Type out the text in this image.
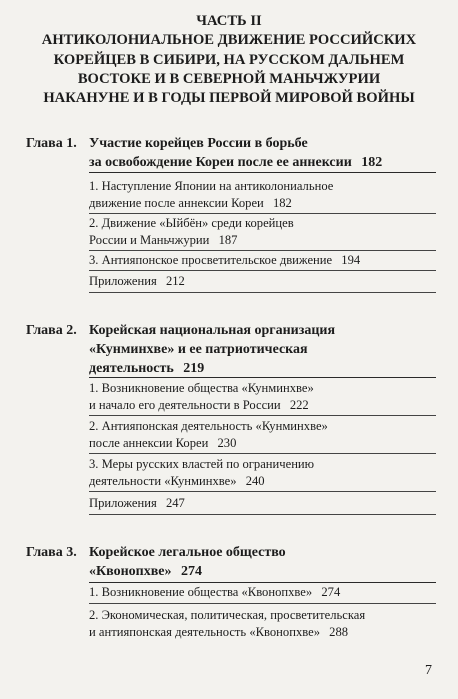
ЧАСТЬ II
АНТИКОЛОНИАЛЬНОЕ ДВИЖЕНИЕ РОССИЙСКИХ
КОРЕЙЦЕВ В СИБИРИ, НА РУССКОМ ДАЛЬНЕМ
ВОСТОКЕ И В СЕВЕРНОЙ МАНЬЧЖУРИИ
НАКАНУНЕ И В ГОДЫ ПЕРВОЙ МИРОВОЙ ВОЙНЫ
Глава 1. Участие корейцев России в борьбе
за освобождение Кореи после ее аннексии 182
1. Наступление Японии на антиколониальное
движение после аннексии Кореи 182
2. Движение «Ыйбён» среди корейцев
России и Маньчжурии 187
3. Антияпонское просветительское движение 194
Приложения 212
Глава 2. Корейская национальная организация
«Кунминхве» и ее патриотическая
деятельность 219
1. Возникновение общества «Кунминхве»
и начало его деятельности в России 222
2. Антияпонская деятельность «Кунминхве»
после аннексии Кореи 230
3. Меры русских властей по ограничению
деятельности «Кунминхве» 240
Приложения 247
Глава 3. Корейское легальное общество
«Квонопхве» 274
1. Возникновение общества «Квонопхве» 274
2. Экономическая, политическая, просветительская
и антияпонская деятельность «Квонопхве» 288
7
